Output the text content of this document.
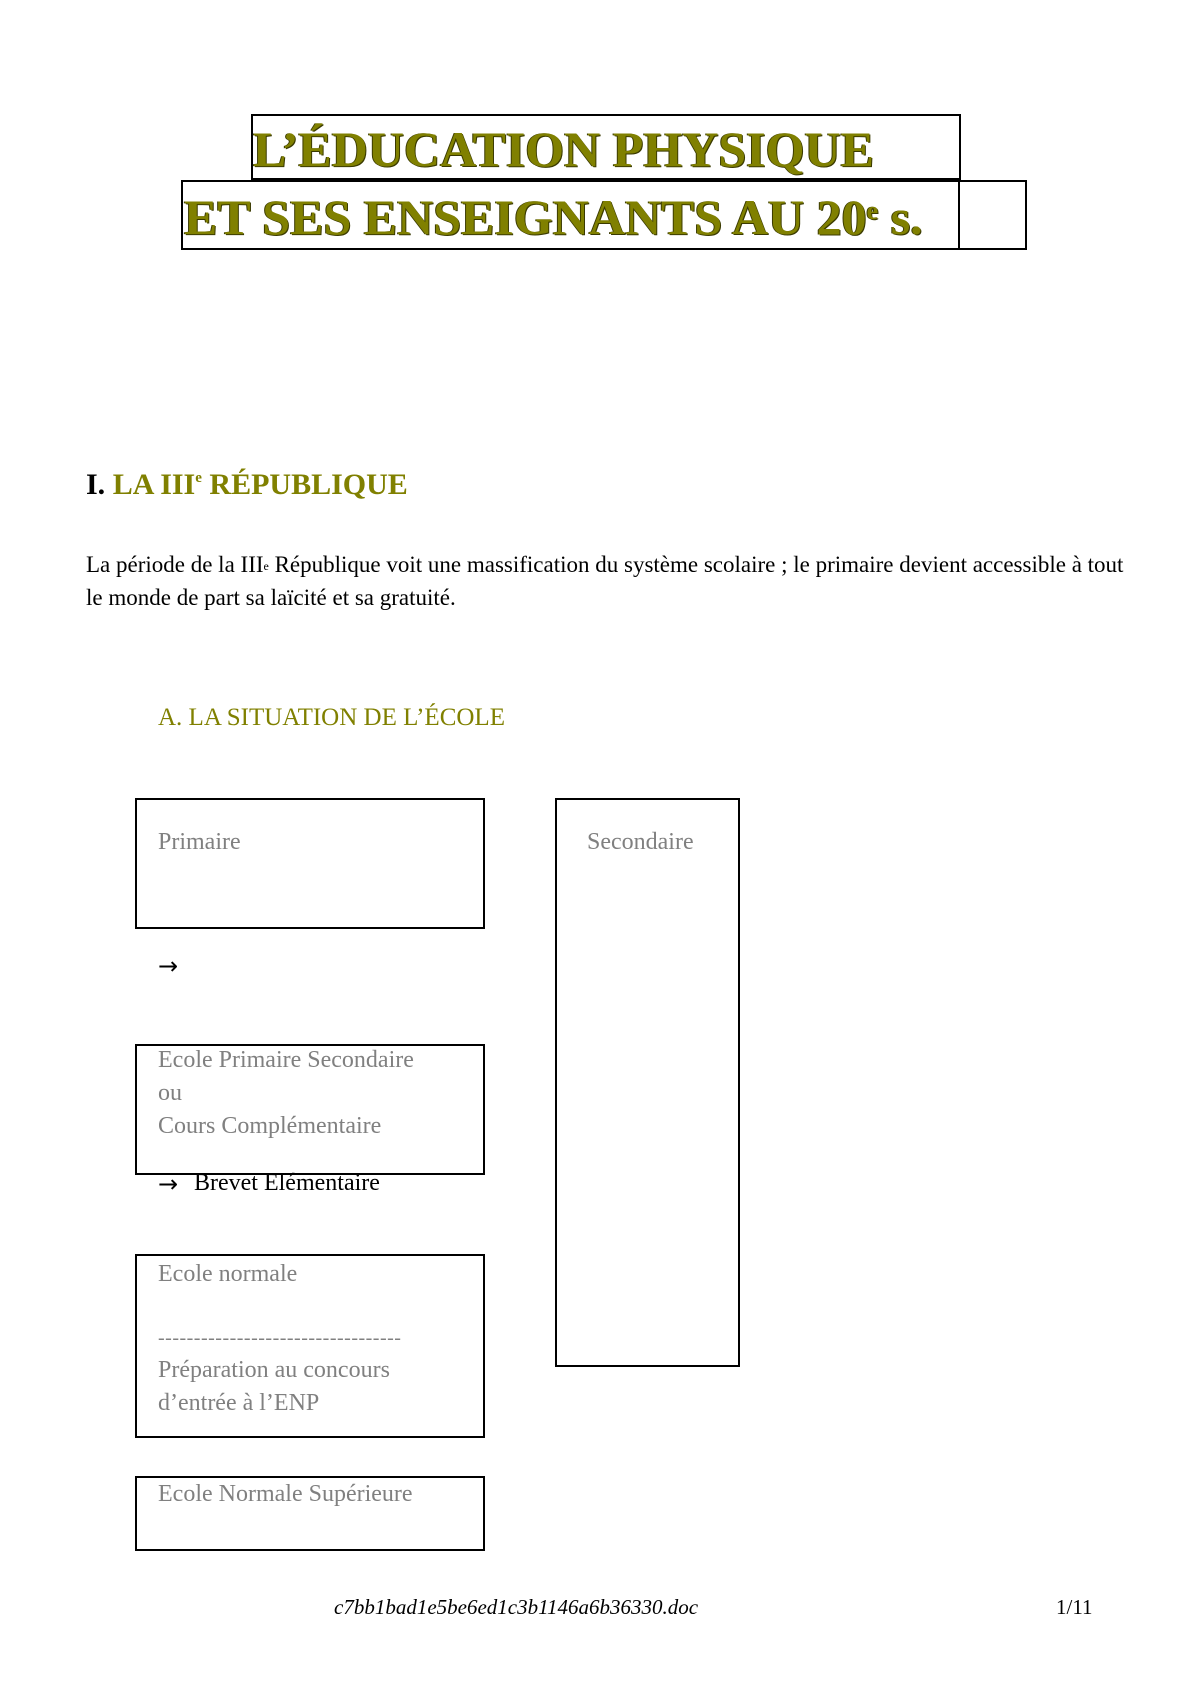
L’ÉDUCATION PHYSIQUE
ET SES ENSEIGNANTS AU 20e s.
I. LA IIIe RÉPUBLIQUE
La période de la IIIe République voit une massification du système scolaire ; le primaire devient accessible à tout le monde de part sa laïcité et sa gratuité.
A. LA SITUATION DE L’ÉCOLE
Primaire	Secondaire
→
Ecole Primaire Secondaire
ou
Cours Complémentaire
→ Brevet Elémentaire
Ecole normale
----------------------------------
Préparation au concours
d’entrée à l’ENP
Ecole Normale Supérieure
c7bb1bad1e5be6ed1c3b1146a6b36330.doc	1/11
